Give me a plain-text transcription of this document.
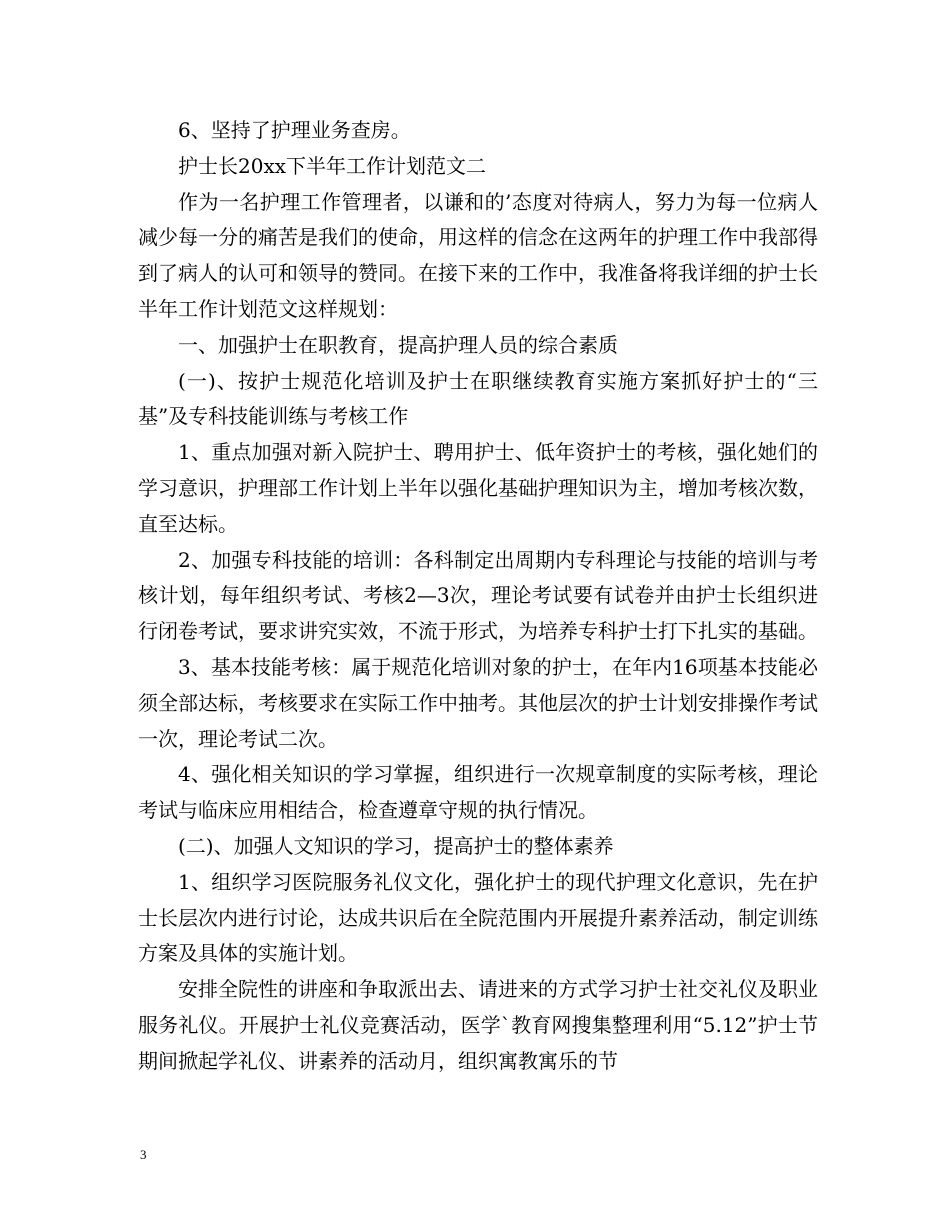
6、坚持了护理业务查房。

护士长20xx下半年工作计划范文二

作为一名护理工作管理者，以谦和的’态度对待病人，努力为每一位病人减少每一分的痛苦是我们的使命，用这样的信念在这两年的护理工作中我部得到了病人的认可和领导的赞同。在接下来的工作中，我准备将我详细的护士长半年工作计划范文这样规划：

一、加强护士在职教育，提高护理人员的综合素质

(一)、按护士规范化培训及护士在职继续教育实施方案抓好护士的“三基”及专科技能训练与考核工作

1、重点加强对新入院护士、聘用护士、低年资护士的考核，强化她们的学习意识，护理部工作计划上半年以强化基础护理知识为主，增加考核次数，直至达标。

2、加强专科技能的培训：各科制定出周期内专科理论与技能的培训与考核计划，每年组织考试、考核2—3次，理论考试要有试卷并由护士长组织进行闭卷考试，要求讲究实效，不流于形式，为培养专科护士打下扎实的基础。

3、基本技能考核：属于规范化培训对象的护士，在年内16项基本技能必须全部达标，考核要求在实际工作中抽考。其他层次的护士计划安排操作考试一次，理论考试二次。

4、强化相关知识的学习掌握，组织进行一次规章制度的实际考核，理论考试与临床应用相结合，检查遵章守规的执行情况。

(二)、加强人文知识的学习，提高护士的整体素养

1、组织学习医院服务礼仪文化，强化护士的现代护理文化意识，先在护士长层次内进行讨论，达成共识后在全院范围内开展提升素养活动，制定训练方案及具体的实施计划。

安排全院性的讲座和争取派出去、请进来的方式学习护士社交礼仪及职业服务礼仪。开展护士礼仪竞赛活动，医学`教育网搜集整理利用“5.12”护士节期间掀起学礼仪、讲素养的活动月，组织寓教寓乐的节

3
